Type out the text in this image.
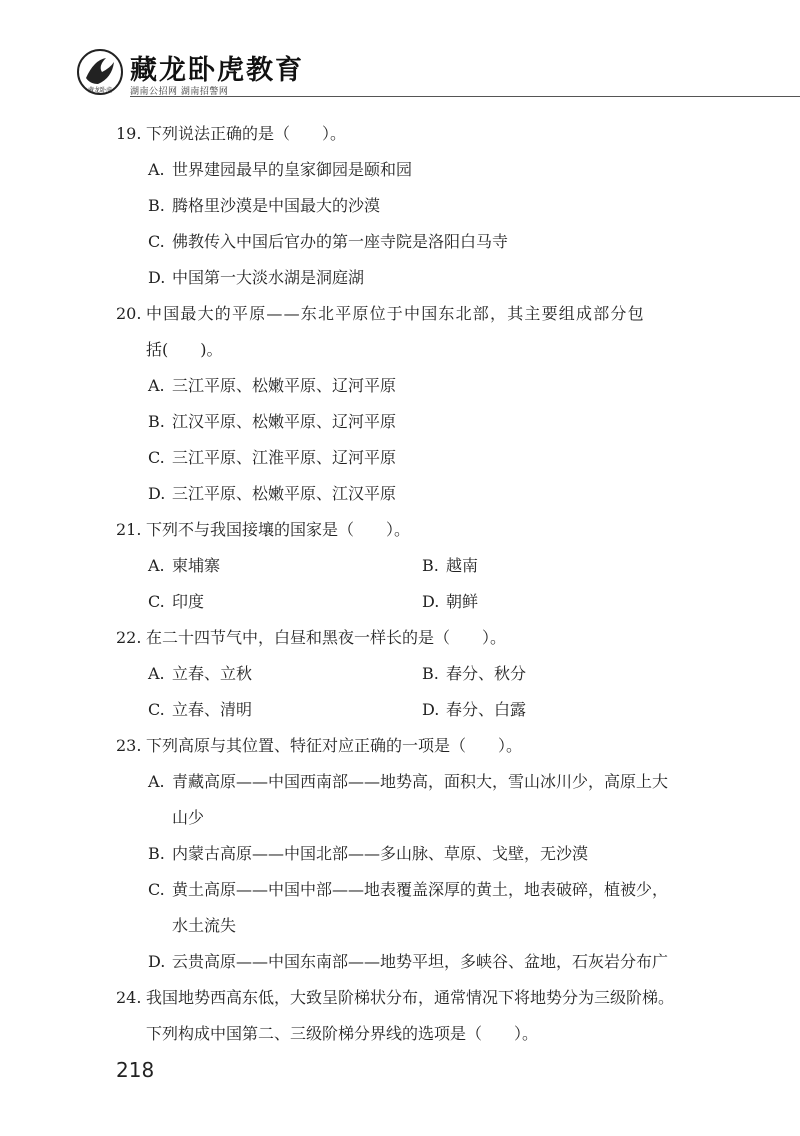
藏龙卧虎
藏龙卧虎教育
湖南公招网 湖南招警网
19. 下列说法正确的是（　　）。
A. 世界建园最早的皇家御园是颐和园
B. 腾格里沙漠是中国最大的沙漠
C. 佛教传入中国后官办的第一座寺院是洛阳白马寺
D. 中国第一大淡水湖是洞庭湖
20. 中国最大的平原——东北平原位于中国东北部，其主要组成部分包
括(　　)。
A. 三江平原、松嫩平原、辽河平原
B. 江汉平原、松嫩平原、辽河平原
C. 三江平原、江淮平原、辽河平原
D. 三江平原、松嫩平原、江汉平原
21. 下列不与我国接壤的国家是（　　）。
A. 柬埔寨	B. 越南
C. 印度	D. 朝鲜
22. 在二十四节气中，白昼和黑夜一样长的是（　　）。
A. 立春、立秋	B. 春分、秋分
C. 立春、清明	D. 春分、白露
23. 下列高原与其位置、特征对应正确的一项是（　　）。
A. 青藏高原——中国西南部——地势高，面积大，雪山冰川少，高原上大
山少
B. 内蒙古高原——中国北部——多山脉、草原、戈壁，无沙漠
C. 黄土高原——中国中部——地表覆盖深厚的黄土，地表破碎，植被少，
水土流失
D. 云贵高原——中国东南部——地势平坦，多峡谷、盆地，石灰岩分布广
24. 我国地势西高东低，大致呈阶梯状分布，通常情况下将地势分为三级阶梯。
下列构成中国第二、三级阶梯分界线的选项是（　　）。
218
